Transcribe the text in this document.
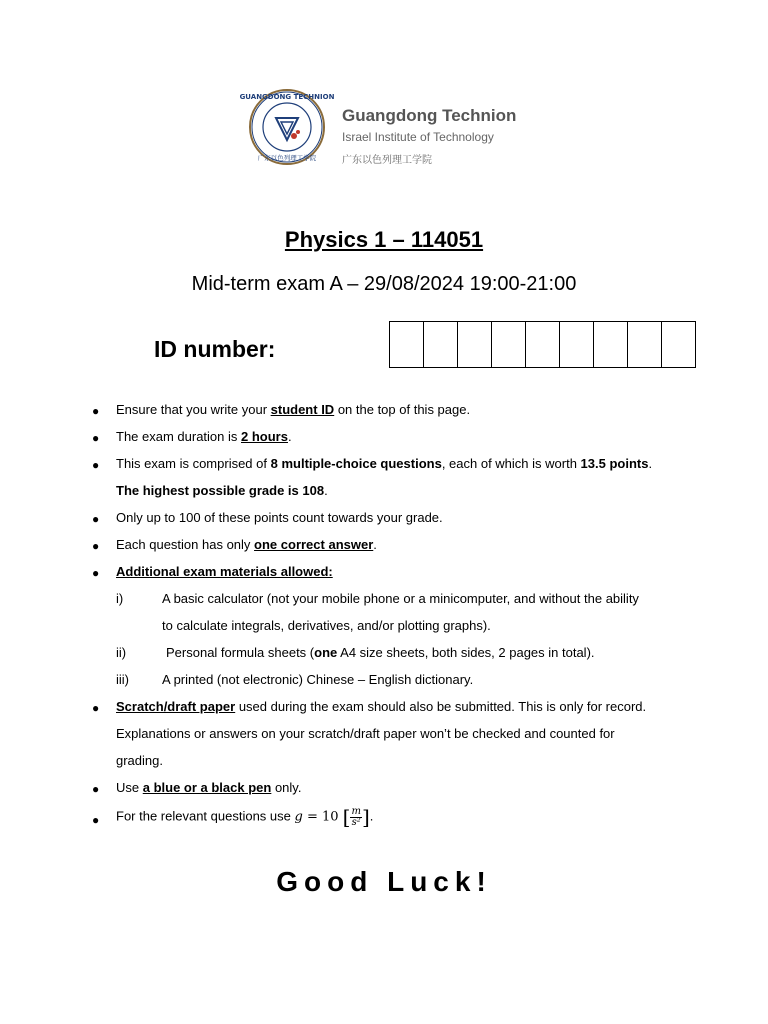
GUANGDONG TECHNION
广东以色列理工学院
Guangdong Technion
Israel Institute of Technology
广东以色列理工学院
Physics 1 – 114051
Mid-term exam A – 29/08/2024 19:00-21:00
ID number:
● Ensure that you write your student ID on the top of this page.
● The exam duration is 2 hours.
● This exam is comprised of 8 multiple-choice questions, each of which is worth 13.5 points.
The highest possible grade is 108.
● Only up to 100 of these points count towards your grade.
● Each question has only one correct answer.
● Additional exam materials allowed:
i)	A basic calculator (not your mobile phone or a minicomputer, and without the ability
to calculate integrals, derivatives, and/or plotting graphs).
ii)	Personal formula sheets (one A4 size sheets, both sides, 2 pages in total).
iii)	A printed (not electronic) Chinese – English dictionary.
● Scratch/draft paper used during the exam should also be submitted. This is only for record.
Explanations or answers on your scratch/draft paper won’t be checked and counted for
grading.
● Use a blue or a black pen only.
● For the relevant questions use g = 10 [ $\frac{m}{\text{s²}}$ ].
Good Luck!
